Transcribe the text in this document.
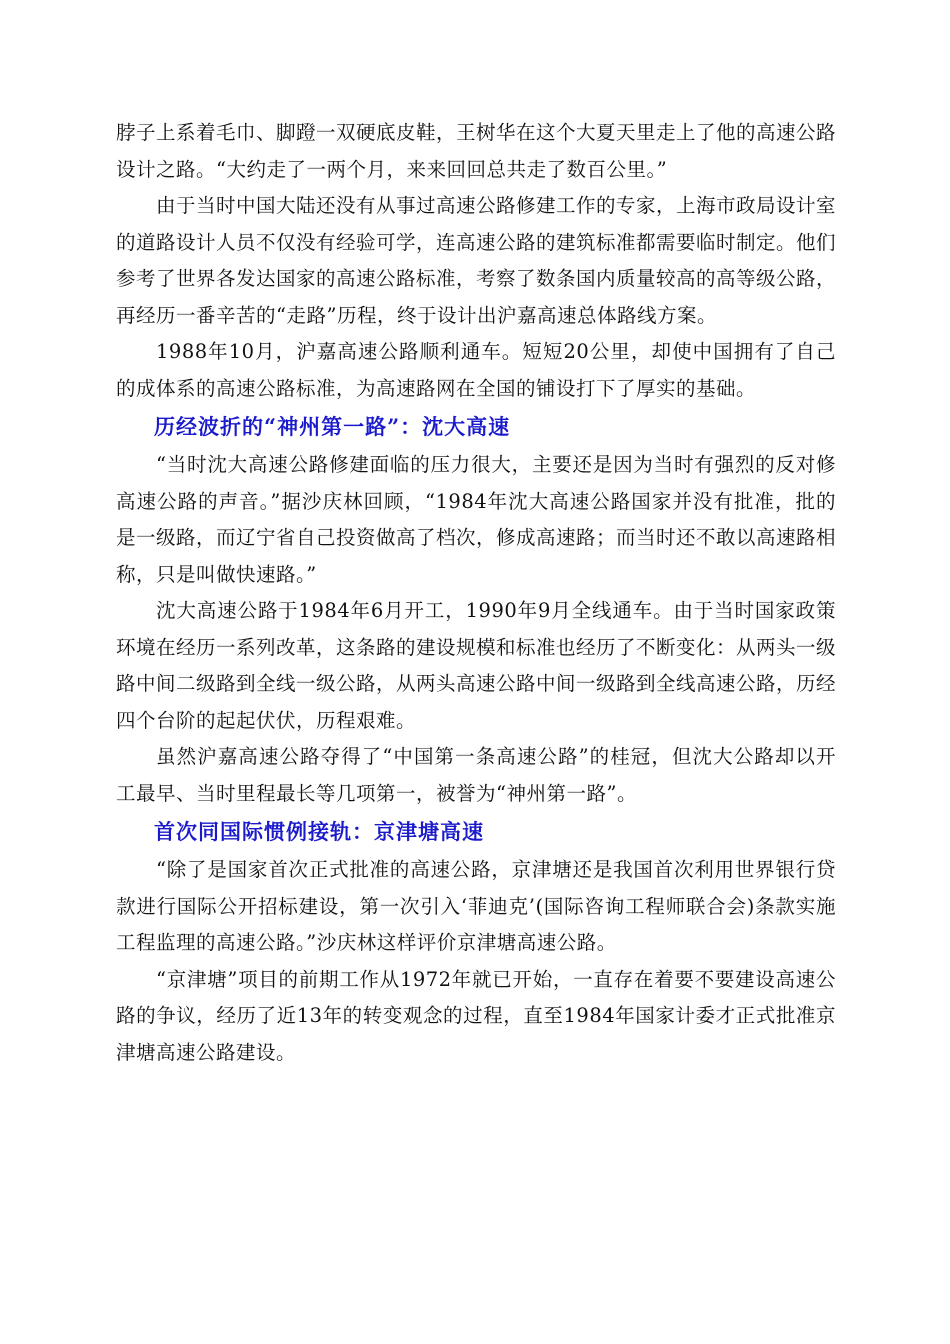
脖子上系着毛巾、脚蹬一双硬底皮鞋，王树华在这个大夏天里走上了他的高速公路设计之路。“大约走了一两个月，来来回回总共走了数百公里。”

由于当时中国大陆还没有从事过高速公路修建工作的专家，上海市政局设计室的道路设计人员不仅没有经验可学，连高速公路的建筑标准都需要临时制定。他们参考了世界各发达国家的高速公路标准，考察了数条国内质量较高的高等级公路，再经历一番辛苦的“走路”历程，终于设计出沪嘉高速总体路线方案。

1988年10月，沪嘉高速公路顺利通车。短短20公里，却使中国拥有了自己的成体系的高速公路标准，为高速路网在全国的铺设打下了厚实的基础。

历经波折的“神州第一路”：沈大高速

“当时沈大高速公路修建面临的压力很大，主要还是因为当时有强烈的反对修高速公路的声音。”据沙庆林回顾，“1984年沈大高速公路国家并没有批准，批的是一级路，而辽宁省自己投资做高了档次，修成高速路；而当时还不敢以高速路相称，只是叫做快速路。”

沈大高速公路于1984年6月开工，1990年9月全线通车。由于当时国家政策环境在经历一系列改革，这条路的建设规模和标准也经历了不断变化：从两头一级路中间二级路到全线一级公路，从两头高速公路中间一级路到全线高速公路，历经四个台阶的起起伏伏，历程艰难。

虽然沪嘉高速公路夺得了“中国第一条高速公路”的桂冠，但沈大公路却以开工最早、当时里程最长等几项第一，被誉为“神州第一路”。

首次同国际惯例接轨：京津塘高速

“除了是国家首次正式批准的高速公路，京津塘还是我国首次利用世界银行贷款进行国际公开招标建设，第一次引入‘菲迪克’(国际咨询工程师联合会)条款实施工程监理的高速公路。”沙庆林这样评价京津塘高速公路。

“京津塘”项目的前期工作从1972年就已开始，一直存在着要不要建设高速公路的争议，经历了近13年的转变观念的过程，直至1984年国家计委才正式批准京津塘高速公路建设。
